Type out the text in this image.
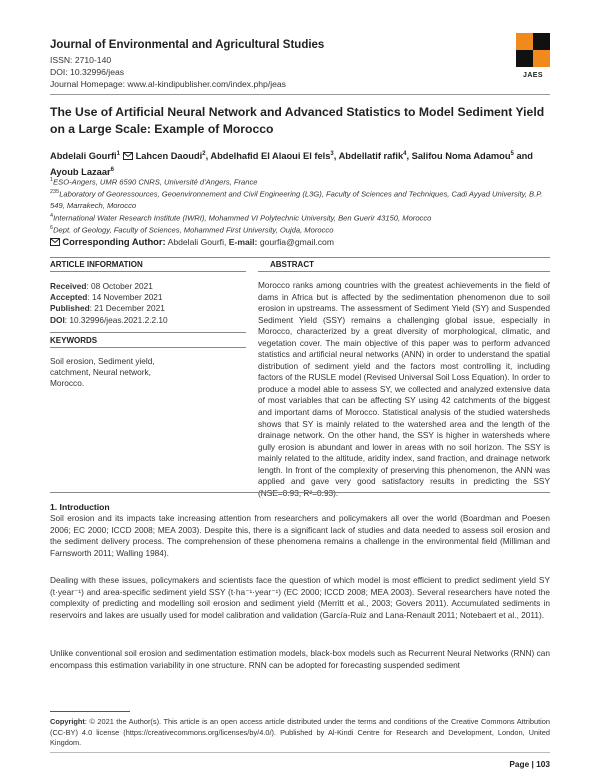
Journal of Environmental and Agricultural Studies
ISSN: 2710-140
DOI: 10.32996/jeas
Journal Homepage: www.al-kindipublisher.com/index.php/jeas
JAES
The Use of Artificial Neural Network and Advanced Statistics to Model Sediment Yield on a Large Scale: Example of Morocco
Abdelali Gourfi$^1$ Lahcen Daoudi$^2$, Abdelhafid El Alaoui El fels$^3$, Abdellatif rafik$^4$, Salifou Noma Adamou$^5$ and Ayoub Lazaar$^6$
$^1$ESO-Angers, UMR 6590 CNRS, Université d'Angers, France
$^{235}$Laboratory of Georessources, Geoenvironnement and Civil Engineering (L3G), Faculty of Sciences and Techniques, Cadi Ayyad University, B.P. 549, Marrakech, Morocco
$^4$International Water Research Institute (IWRI), Mohammed VI Polytechnic University, Ben Guerir 43150, Morocco
$^6$Dept. of Geology, Faculty of Sciences, Mohammed First University, Oujda, Morocco
Corresponding Author: Abdelali Gourfi, E-mail: gourfia@gmail.com
ARTICLE INFORMATION	ABSTRACT
Received: 08 October 2021
Accepted: 14 November 2021
Published: 21 December 2021
DOI: 10.32996/jeas.2021.2.2.10
KEYWORDS
Soil erosion, Sediment yield, catchment, Neural network, Morocco.
Morocco ranks among countries with the greatest achievements in the field of dams in Africa but is affected by the sedimentation phenomenon due to soil erosion in upstreams. The assessment of Sediment Yield (SY) and Suspended Sediment Yield (SSY) remains a challenging global issue, especially in Morocco, characterized by a great diversity of morphological, climatic, and vegetation cover. The main objective of this paper was to perform advanced statistics and artificial neural networks (ANN) in order to understand the spatial distribution of sediment yield and the factors most controlling it, including factors of the RUSLE model (Revised Universal Soil Loss Equation). In order to produce a model able to assess SY, we collected and analyzed extensive data of most variables that can be affecting SY using 42 catchments of the biggest and important dams of Morocco. Statistical analysis of the studied watersheds shows that SY is mainly related to the watershed area and the length of the drainage network. On the other hand, the SSY is higher in watersheds where gully erosion is abundant and lower in areas with no soil horizon. The SSY is mainly related to the altitude, aridity index, sand fraction, and drainage network length. In front of the complexity of preserving this phenomenon, the ANN was applied and gave very good satisfactory results in predicting the SSY (NSE=0.93, R²=0.93).
1. Introduction
Soil erosion and its impacts take increasing attention from researchers and policymakers all over the world (Boardman and Poesen 2006; EC 2000; ICCD 2008; MEA 2003). Despite this, there is a significant lack of studies and data needed to assess soil erosion and the sediment delivery process. The comprehension of these phenomena remains a challenge in the environmental field (Milliman and Farnsworth 2011; Walling 1984).
Dealing with these issues, policymakers and scientists face the question of which model is most efficient to predict sediment yield SY (t·year⁻¹) and area-specific sediment yield SSY (t·ha⁻¹·year⁻¹) (EC 2000; ICCD 2008; MEA 2003). Several researchers have noted the complexity of predicting and modelling soil erosion and sediment yield (Merritt et al., 2003; Govers 2011). Accumulated sediments in reservoirs and lakes are usually used for model calibration and validation (García-Ruiz and Lana-Renault 2011; Notebaert et al., 2011).
Unlike conventional soil erosion and sedimentation estimation models, black-box models such as Recurrent Neural Networks (RNN) can encompass this estimation variability in one structure. RNN can be adopted for forecasting suspended sediment
Copyright: © 2021 the Author(s). This article is an open access article distributed under the terms and conditions of the Creative Commons Attribution (CC-BY) 4.0 license (https://creativecommons.org/licenses/by/4.0/). Published by Al-Kindi Centre for Research and Development, London, United Kingdom.
Page | 103
